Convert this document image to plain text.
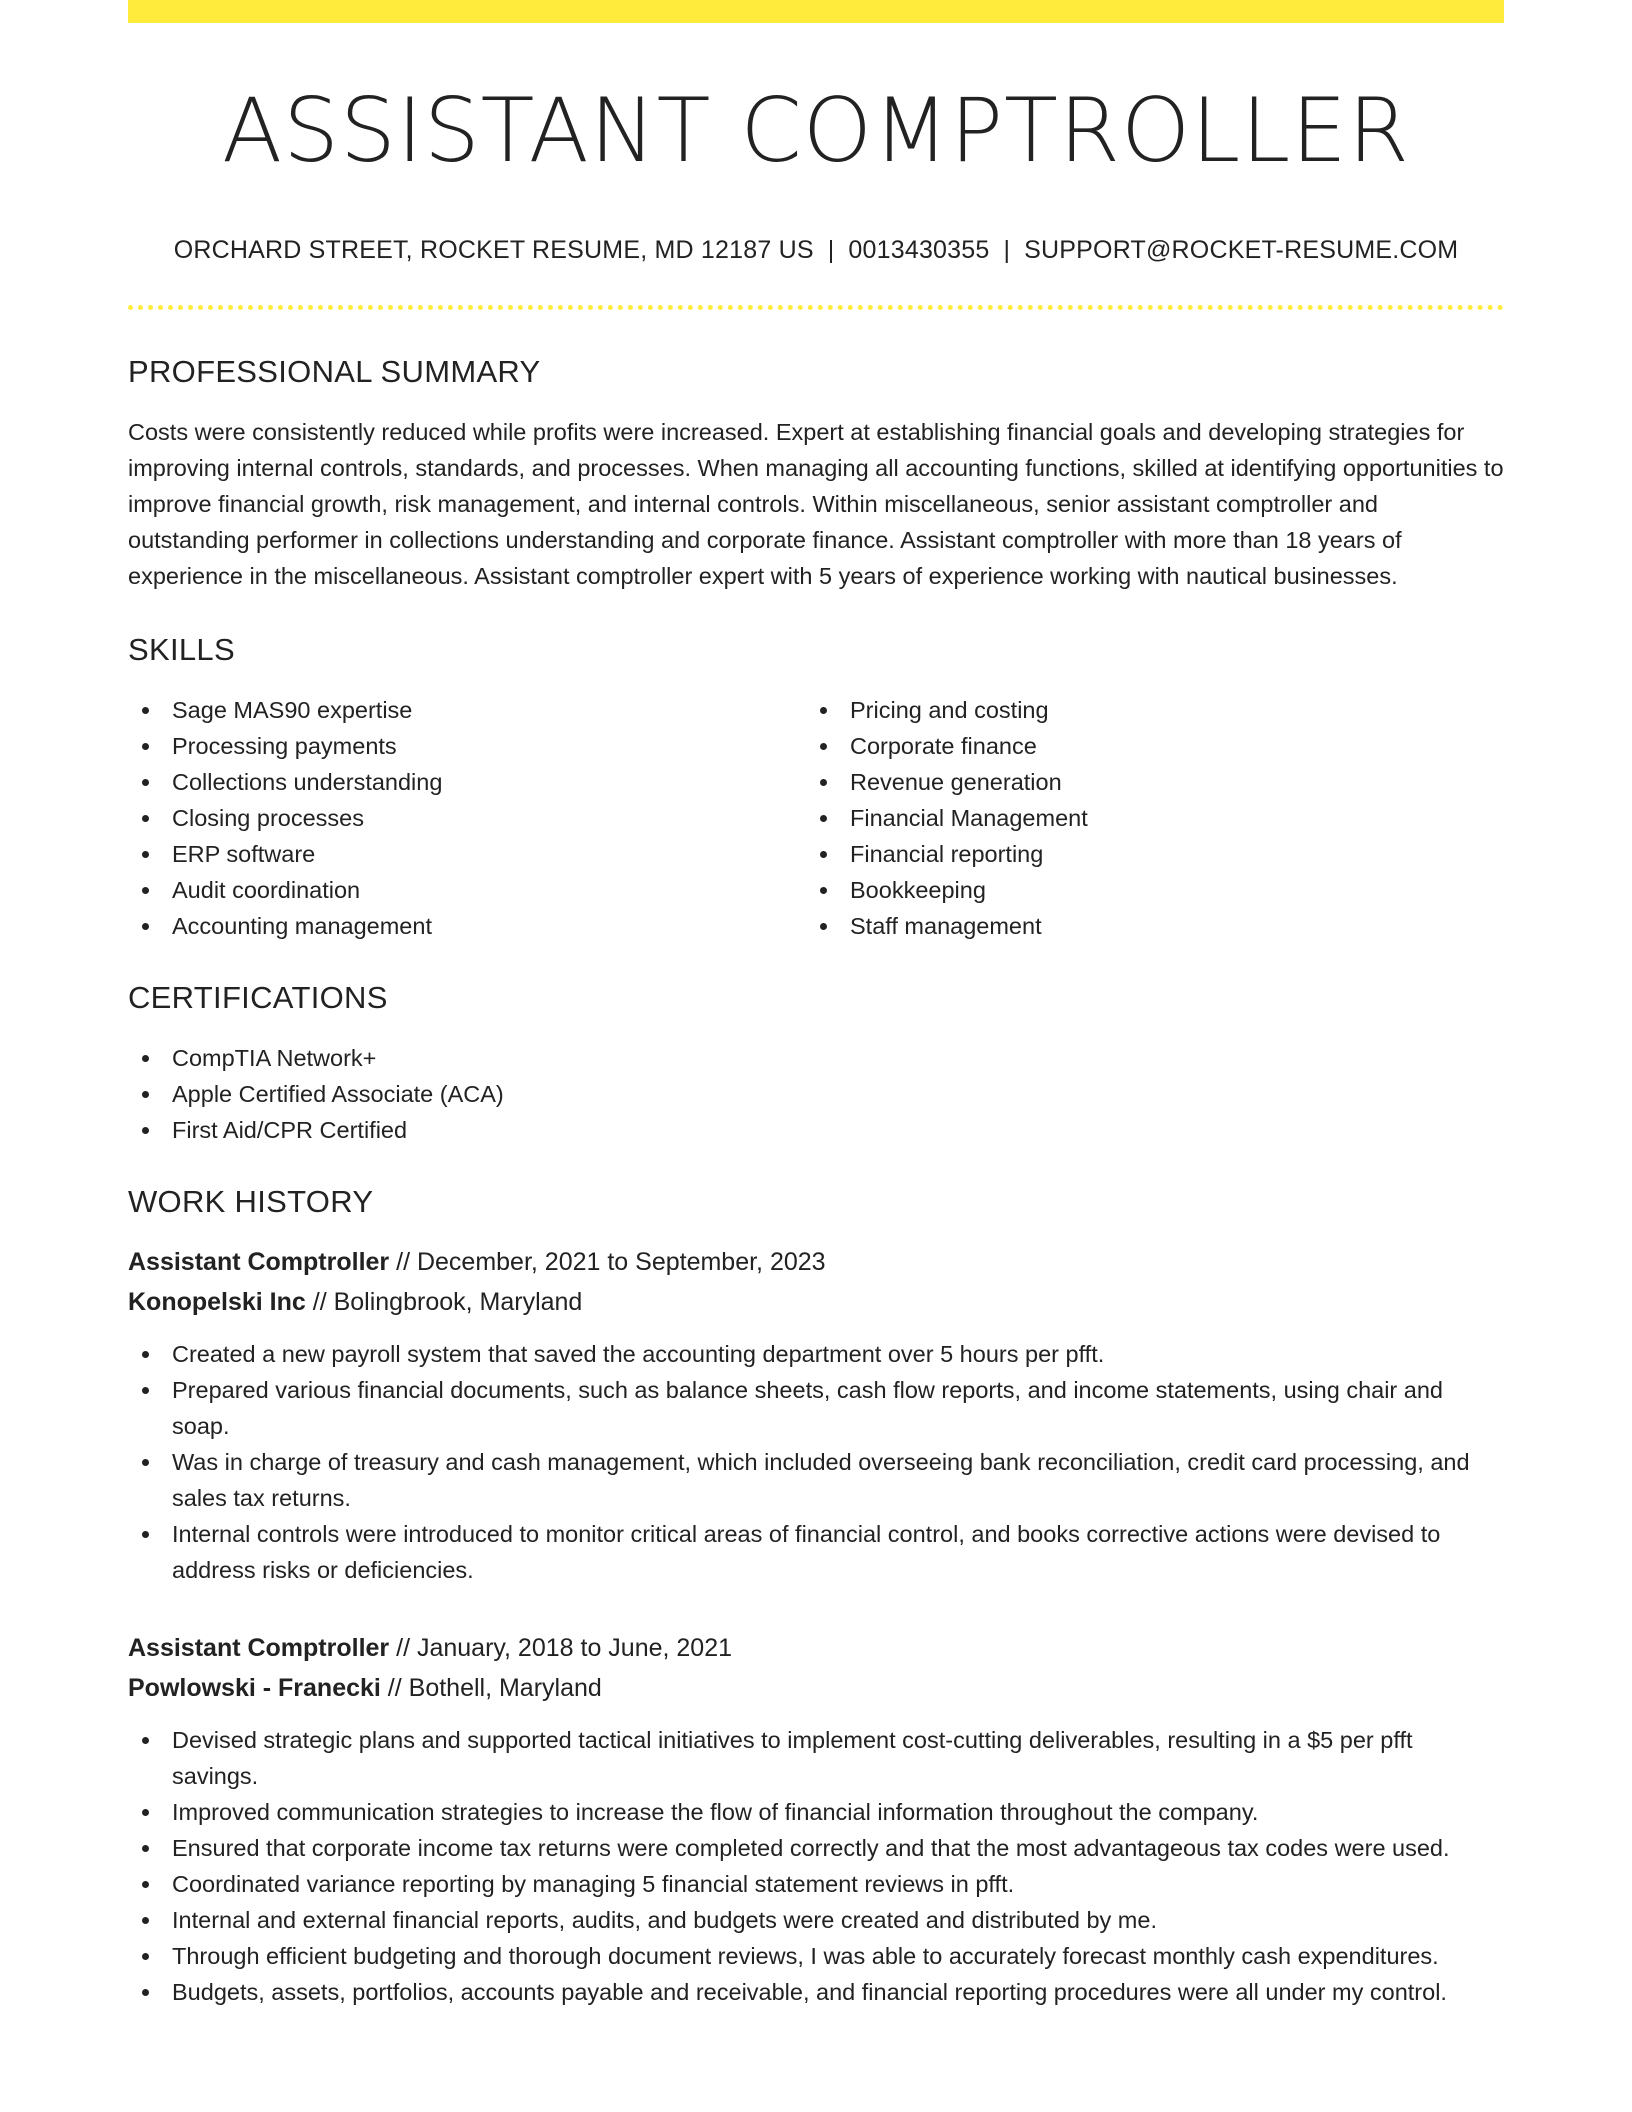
ASSISTANT COMPTROLLER
ORCHARD STREET, ROCKET RESUME, MD 12187 US | 0013430355 | SUPPORT@ROCKET-RESUME.COM
PROFESSIONAL SUMMARY
Costs were consistently reduced while profits were increased. Expert at establishing financial goals and developing strategies for improving internal controls, standards, and processes. When managing all accounting functions, skilled at identifying opportunities to improve financial growth, risk management, and internal controls. Within miscellaneous, senior assistant comptroller and outstanding performer in collections understanding and corporate finance. Assistant comptroller with more than 18 years of experience in the miscellaneous. Assistant comptroller expert with 5 years of experience working with nautical businesses.
SKILLS
Sage MAS90 expertise
Processing payments
Collections understanding
Closing processes
ERP software
Audit coordination
Accounting management
Pricing and costing
Corporate finance
Revenue generation
Financial Management
Financial reporting
Bookkeeping
Staff management
CERTIFICATIONS
CompTIA Network+
Apple Certified Associate (ACA)
First Aid/CPR Certified
WORK HISTORY
Assistant Comptroller // December, 2021 to September, 2023
Konopelski Inc // Bolingbrook, Maryland
Created a new payroll system that saved the accounting department over 5 hours per pfft.
Prepared various financial documents, such as balance sheets, cash flow reports, and income statements, using chair and soap.
Was in charge of treasury and cash management, which included overseeing bank reconciliation, credit card processing, and sales tax returns.
Internal controls were introduced to monitor critical areas of financial control, and books corrective actions were devised to address risks or deficiencies.
Assistant Comptroller // January, 2018 to June, 2021
Powlowski - Franecki // Bothell, Maryland
Devised strategic plans and supported tactical initiatives to implement cost-cutting deliverables, resulting in a $5 per pfft savings.
Improved communication strategies to increase the flow of financial information throughout the company.
Ensured that corporate income tax returns were completed correctly and that the most advantageous tax codes were used.
Coordinated variance reporting by managing 5 financial statement reviews in pfft.
Internal and external financial reports, audits, and budgets were created and distributed by me.
Through efficient budgeting and thorough document reviews, I was able to accurately forecast monthly cash expenditures.
Budgets, assets, portfolios, accounts payable and receivable, and financial reporting procedures were all under my control.
